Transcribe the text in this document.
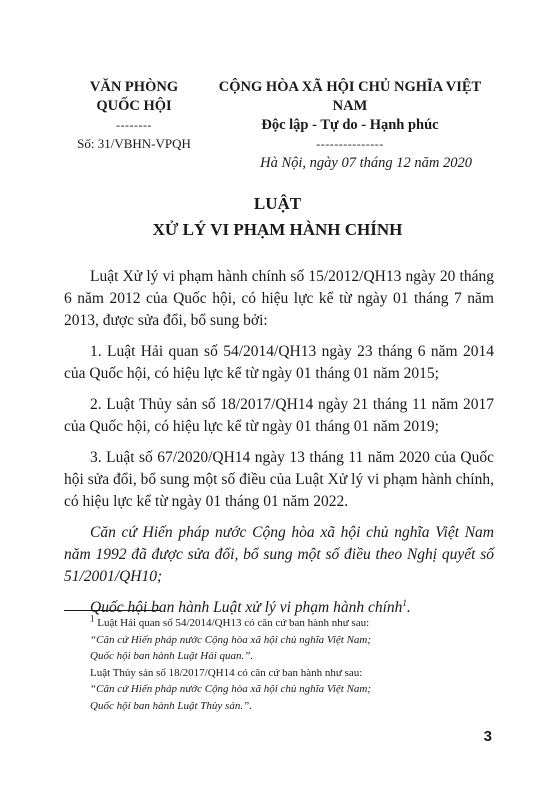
VĂN PHÒNG
QUỐC HỘI
--------
Số: 31/VBHN-VPQH
CỘNG HÒA XÃ HỘI CHỦ NGHĨA VIỆT NAM
Độc lập - Tự do - Hạnh phúc
---------------
Hà Nội, ngày 07 tháng 12 năm 2020
LUẬT
XỬ LÝ VI PHẠM HÀNH CHÍNH

Luật Xử lý vi phạm hành chính số 15/2012/QH13 ngày 20 tháng 6 năm 2012 của Quốc hội, có hiệu lực kể từ ngày 01 tháng 7 năm 2013, được sửa đổi, bổ sung bởi:

1. Luật Hải quan số 54/2014/QH13 ngày 23 tháng 6 năm 2014 của Quốc hội, có hiệu lực kể từ ngày 01 tháng 01 năm 2015;

2. Luật Thủy sản số 18/2017/QH14 ngày 21 tháng 11 năm 2017 của Quốc hội, có hiệu lực kể từ ngày 01 tháng 01 năm 2019;

3. Luật số 67/2020/QH14 ngày 13 tháng 11 năm 2020 của Quốc hội sửa đổi, bổ sung một số điều của Luật Xử lý vi phạm hành chính, có hiệu lực kể từ ngày 01 tháng 01 năm 2022.

Căn cứ Hiến pháp nước Cộng hòa xã hội chủ nghĩa Việt Nam năm 1992 đã được sửa đổi, bổ sung một số điều theo Nghị quyết số 51/2001/QH10;

Quốc hội ban hành Luật xử lý vi phạm hành chính$^1$.

$^1$ Luật Hải quan số 54/2014/QH13 có căn cứ ban hành như sau:
“Căn cứ Hiến pháp nước Cộng hòa xã hội chủ nghĩa Việt Nam;
Quốc hội ban hành Luật Hải quan.”.
Luật Thủy sản số 18/2017/QH14 có căn cứ ban hành như sau:
“Căn cứ Hiến pháp nước Cộng hòa xã hội chủ nghĩa Việt Nam;
Quốc hội ban hành Luật Thủy sản.”.
3
